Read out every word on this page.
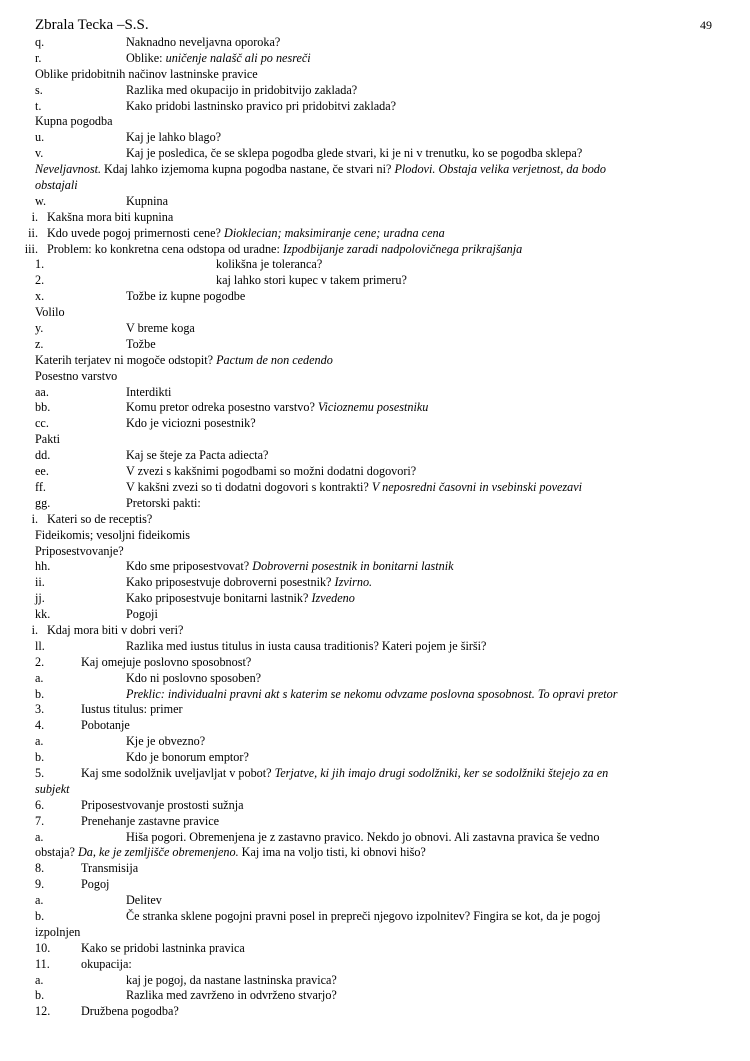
Zbrala Tecka –S.S.	49
q.	Naknadno neveljavna oporoka?
r.	Oblike: uničenje nalašč ali po nesreči
Oblike pridobitnih načinov lastninske pravice
s.	Razlika med okupacijo in pridobitvijo zaklada?
t.	Kako pridobi lastninsko pravico pri pridobitvi zaklada?
Kupna pogodba
u.	Kaj je lahko blago?
v.	Kaj je posledica, če se sklepa pogodba glede stvari, ki je ni v trenutku, ko se pogodba sklepa?
Neveljavnost. Kdaj lahko izjemoma kupna pogodba nastane, če stvari ni? Plodovi. Obstaja velika verjetnost, da bodo
obstajali
w.	Kupnina
i. Kakšna mora biti kupnina
ii. Kdo uvede pogoj primernosti cene? Dioklecian; maksimiranje cene; uradna cena
iii. Problem: ko konkretna cena odstopa od uradne: Izpodbijanje zaradi nadpolovičnega prikrajšanja
1.	kolikšna je toleranca?
2.	kaj lahko stori kupec v takem primeru?
x.	Tožbe iz kupne pogodbe
Volilo
y.	V breme koga
z.	Tožbe
Katerih terjatev ni mogoče odstopit? Pactum de non cedendo
Posestno varstvo
aa.	Interdikti
bb.	Komu pretor odreka posestno varstvo? Vicioznemu posestniku
cc.	Kdo je viciozni posestnik?
Pakti
dd.	Kaj se šteje za Pacta adiecta?
ee.	V zvezi s kakšnimi pogodbami so možni dodatni dogovori?
ff.	V kakšni zvezi so ti dodatni dogovori s kontrakti? V neposredni časovni in vsebinski povezavi
gg.	Pretorski pakti:
i. Kateri so de receptis?
Fideikomis; vesoljni fideikomis
Priposestvovanje?
hh.	Kdo sme priposestvovat? Dobroverni posestnik in bonitarni lastnik
ii.	Kako priposestvuje dobroverni posestnik? Izvirno.
jj.	Kako priposestvuje bonitarni lastnik? Izvedeno
kk.	Pogoji
i. Kdaj mora biti v dobri veri?
ll.	Razlika med iustus titulus in iusta causa traditionis? Kateri pojem je širši?
2.	Kaj omejuje poslovno sposobnost?
a.	Kdo ni poslovno sposoben?
b.	Preklic: individualni pravni akt s katerim se nekomu odvzame poslovna sposobnost. To opravi pretor
3.	Iustus titulus: primer
4.	Pobotanje
a.	Kje je obvezno?
b.	Kdo je bonorum emptor?
5.	Kaj sme sodolžnik uveljavljat v pobot? Terjatve, ki jih imajo drugi sodolžniki, ker se sodolžniki štejejo za en
subjekt
6.	Priposestvovanje prostosti sužnja
7.	Prenehanje zastavne pravice
a.	Hiša pogori. Obremenjena je z zastavno pravico. Nekdo jo obnovi. Ali zastavna pravica še vedno
obstaja? Da, ke je zemljišče obremenjeno. Kaj ima na voljo tisti, ki obnovi hišo?
8.	Transmisija
9.	Pogoj
a.	Delitev
b.	Če stranka sklene pogojni pravni posel in prepreči njegovo izpolnitev? Fingira se kot, da je pogoj
izpolnjen
10.	Kako se pridobi lastninka pravica
11.	okupacija:
a.	kaj je pogoj, da nastane lastninska pravica?
b.	Razlika med zavrženo in odvrženo stvarjo?
12.	Družbena pogodba?
